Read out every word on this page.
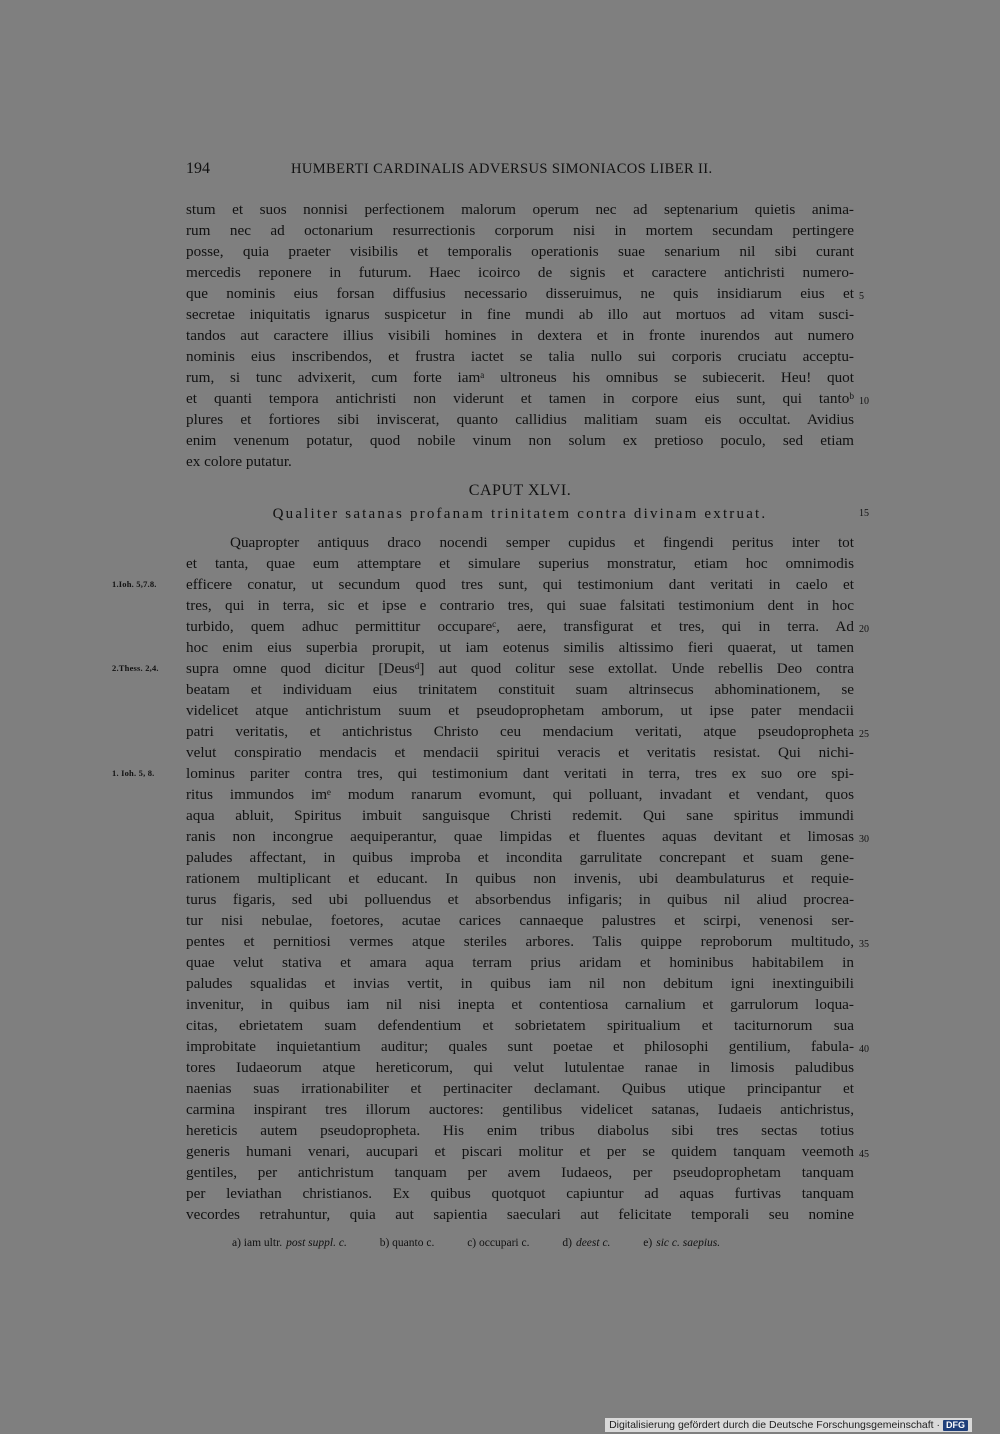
194	HUMBERTI CARDINALIS ADVERSUS SIMONIACOS LIBER II.
stum et suos nonnisi perfectionem malorum operum nec ad septenarium quietis anima-
rum nec ad octonarium resurrectionis corporum nisi in mortem secundam pertingere
posse, quia praeter visibilis et temporalis operationis suae senarium nil sibi curant
mercedis reponere in futurum. Haec icoirco de signis et caractere antichristi numero-
que nominis eius forsan diffusius necessario disseruimus, ne quis insidiarum eius et 5
secretae iniquitatis ignarus suspicetur in fine mundi ab illo aut mortuos ad vitam susci-
tandos aut caractere illius visibili homines in dextera et in fronte inurendos aut numero
nominis eius inscribendos, et frustra iactet se talia nullo sui corporis cruciatu acceptu-
rum, si tunc advixerit, cum forte iamᵃ ultroneus his omnibus se subiecerit. Heu! quot
et quanti tempora antichristi non viderunt et tamen in corpore eius sunt, qui tantoᵇ 10
plures et fortiores sibi inviscerat, quanto callidius malitiam suam eis occultat. Avidius
enim venenum potatur, quod nobile vinum non solum ex pretioso poculo, sed etiam
ex colore putatur.
CAPUT XLVI.
Qualiter satanas profanam trinitatem contra divinam extruat.	15
Quapropter antiquus draco nocendi semper cupidus et fingendi peritus inter tot
et tanta, quae eum attemptare et simulare superius monstratur, etiam hoc omnimodis
1.Ioh. 5,7.8.	efficere conatur, ut secundum quod tres sunt, qui testimonium dant veritati in caelo et
tres, qui in terra, sic et ipse e contrario tres, qui suae falsitati testimonium dent in hoc
turbido, quem adhuc permittitur occupareᶜ, aere, transfigurat et tres, qui in terra. Ad 20
hoc enim eius superbia prorupit, ut iam eotenus similis altissimo fieri quaerat, ut tamen
2.Thess. 2,4.	supra omne quod dicitur [Deusᵈ] aut quod colitur sese extollat. Unde rebellis Deo contra
beatam et individuam eius trinitatem constituit suam altrinsecus abhominationem, se
videlicet atque antichristum suum et pseudoprophetam amborum, ut ipse pater mendacii
patri veritatis, et antichristus Christo ceu mendacium veritati, atque pseudopropheta 25
velut conspiratio mendacis et mendacii spiritui veracis et veritatis resistat. Qui nichi-
1. Ioh. 5, 8.	lominus pariter contra tres, qui testimonium dant veritati in terra, tres ex suo ore spi-
ritus immundos imᵉ modum ranarum evomunt, qui polluant, invadant et vendant, quos
aqua abluit, Spiritus imbuit sanguisque Christi redemit. Qui sane spiritus immundi
ranis non incongrue aequiperantur, quae limpidas et fluentes aquas devitant et limosas 30
paludes affectant, in quibus improba et incondita garrulitate concrepant et suam gene-
rationem multiplicant et educant. In quibus non invenis, ubi deambulaturus et requie-
turus figaris, sed ubi polluendus et absorbendus infigaris; in quibus nil aliud procrea-
tur nisi nebulae, foetores, acutae carices cannaeque palustres et scirpi, venenosi ser-
pentes et pernitiosi vermes atque steriles arbores. Talis quippe reproborum multitudo, 35
quae velut stativa et amara aqua terram prius aridam et hominibus habitabilem in
paludes squalidas et invias vertit, in quibus iam nil non debitum igni inextinguibili
invenitur, in quibus iam nil nisi inepta et contentiosa carnalium et garrulorum loqua-
citas, ebrietatem suam defendentium et sobrietatem spiritualium et taciturnorum sua
improbitate inquietantium auditur; quales sunt poetae et philosophi gentilium, fabula- 40
tores Iudaeorum atque hereticorum, qui velut lutulentae ranae in limosis paludibus
naenias suas irrationabiliter et pertinaciter declamant. Quibus utique principantur et
carmina inspirant tres illorum auctores: gentilibus videlicet satanas, Iudaeis antichristus,
hereticis autem pseudopropheta. His enim tribus diabolus sibi tres sectas totius
generis humani venari, aucupari et piscari molitur et per se quidem tanquam veemoth 45
gentiles, per antichristum tanquam per avem Iudaeos, per pseudoprophetam tanquam
per leviathan christianos. Ex quibus quotquot capiuntur ad aquas furtivas tanquam
vecordes retrahuntur, quia aut sapientia saeculari aut felicitate temporali seu nomine
a) iam ultr. post suppl. c.	b) quanto c.	c) occupari c.	d) deest c.	e) sic c. saepius.
Digitalisierung gefördert durch die Deutsche Forschungsgemeinschaft · DFG
